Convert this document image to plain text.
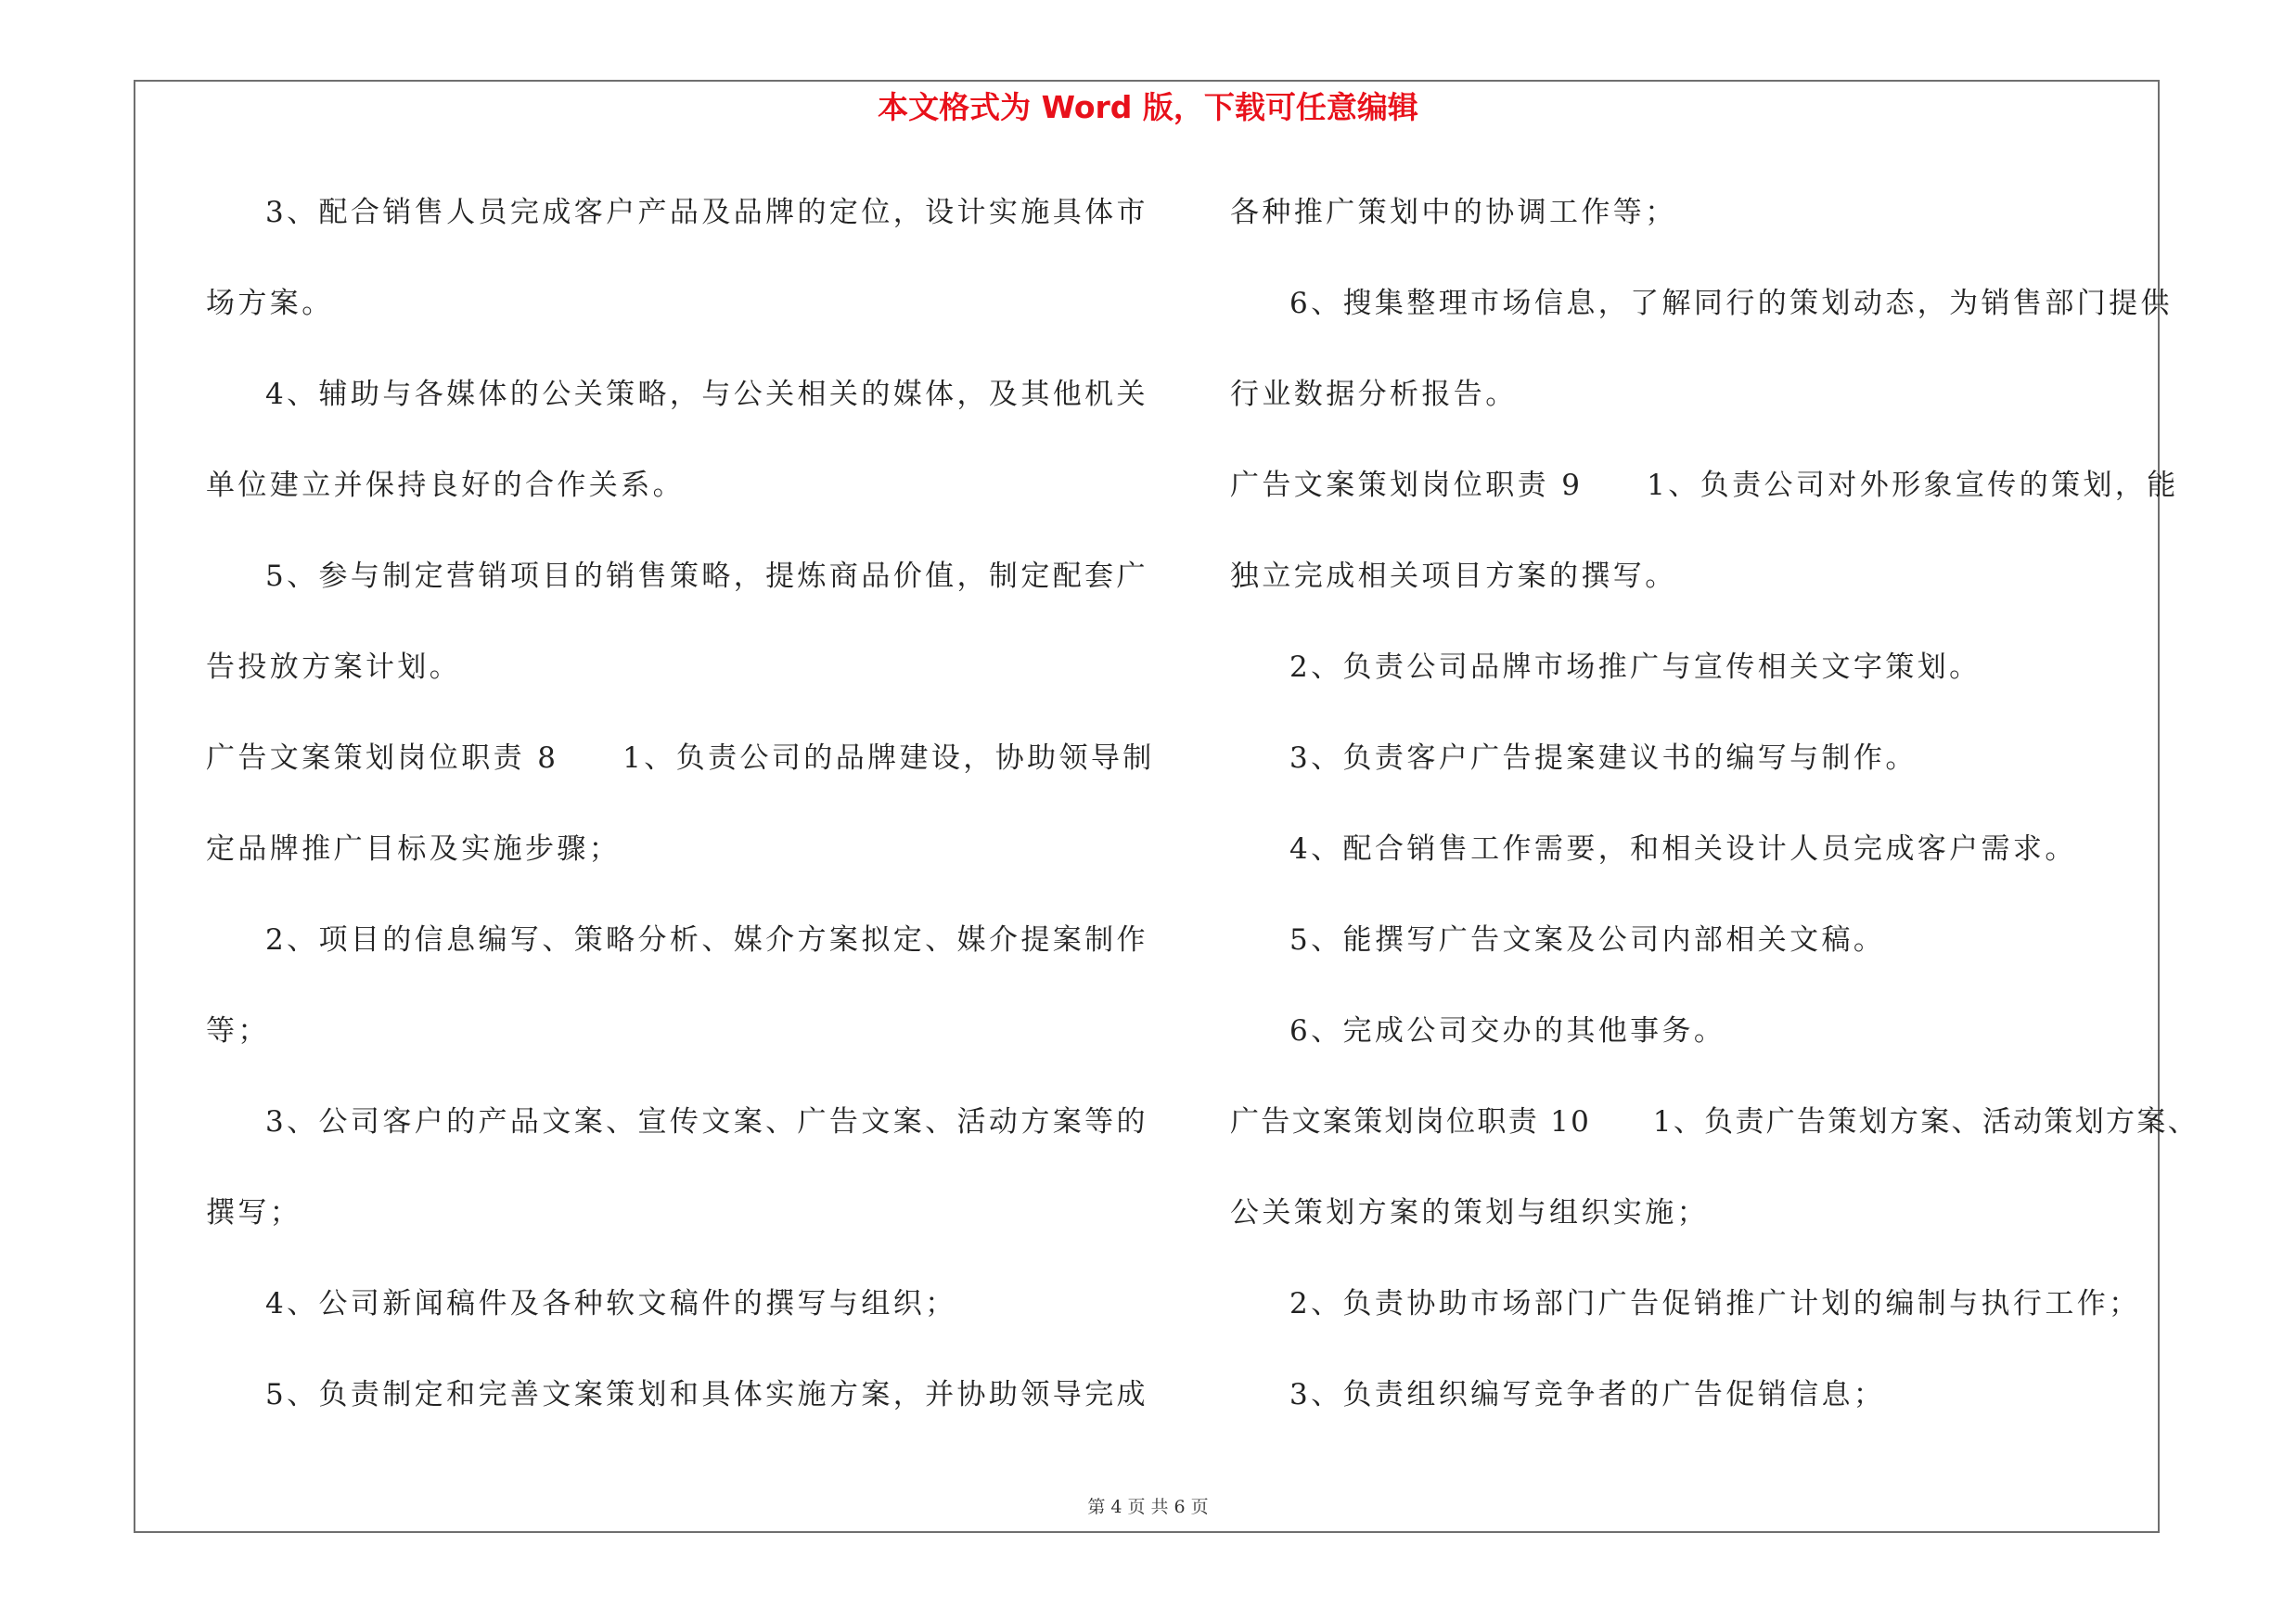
本文格式为 Word 版，下载可任意编辑
3、配合销售人员完成客户产品及品牌的定位，设计实施具体市
场方案。
4、辅助与各媒体的公关策略，与公关相关的媒体，及其他机关
单位建立并保持良好的合作关系。
5、参与制定营销项目的销售策略，提炼商品价值，制定配套广
告投放方案计划。
广告文案策划岗位职责 8　　1、负责公司的品牌建设，协助领导制
定品牌推广目标及实施步骤；
2、项目的信息编写、策略分析、媒介方案拟定、媒介提案制作
等；
3、公司客户的产品文案、宣传文案、广告文案、活动方案等的
撰写；
4、公司新闻稿件及各种软文稿件的撰写与组织；
5、负责制定和完善文案策划和具体实施方案，并协助领导完成
各种推广策划中的协调工作等；
6、搜集整理市场信息，了解同行的策划动态，为销售部门提供
行业数据分析报告。
广告文案策划岗位职责 9　　1、负责公司对外形象宣传的策划，能
独立完成相关项目方案的撰写。
2、负责公司品牌市场推广与宣传相关文字策划。
3、负责客户广告提案建议书的编写与制作。
4、配合销售工作需要，和相关设计人员完成客户需求。
5、能撰写广告文案及公司内部相关文稿。
6、完成公司交办的其他事务。
广告文案策划岗位职责 10　　1、负责广告策划方案、活动策划方案、
公关策划方案的策划与组织实施；
2、负责协助市场部门广告促销推广计划的编制与执行工作；
3、负责组织编写竞争者的广告促销信息；
第 4 页 共 6 页
